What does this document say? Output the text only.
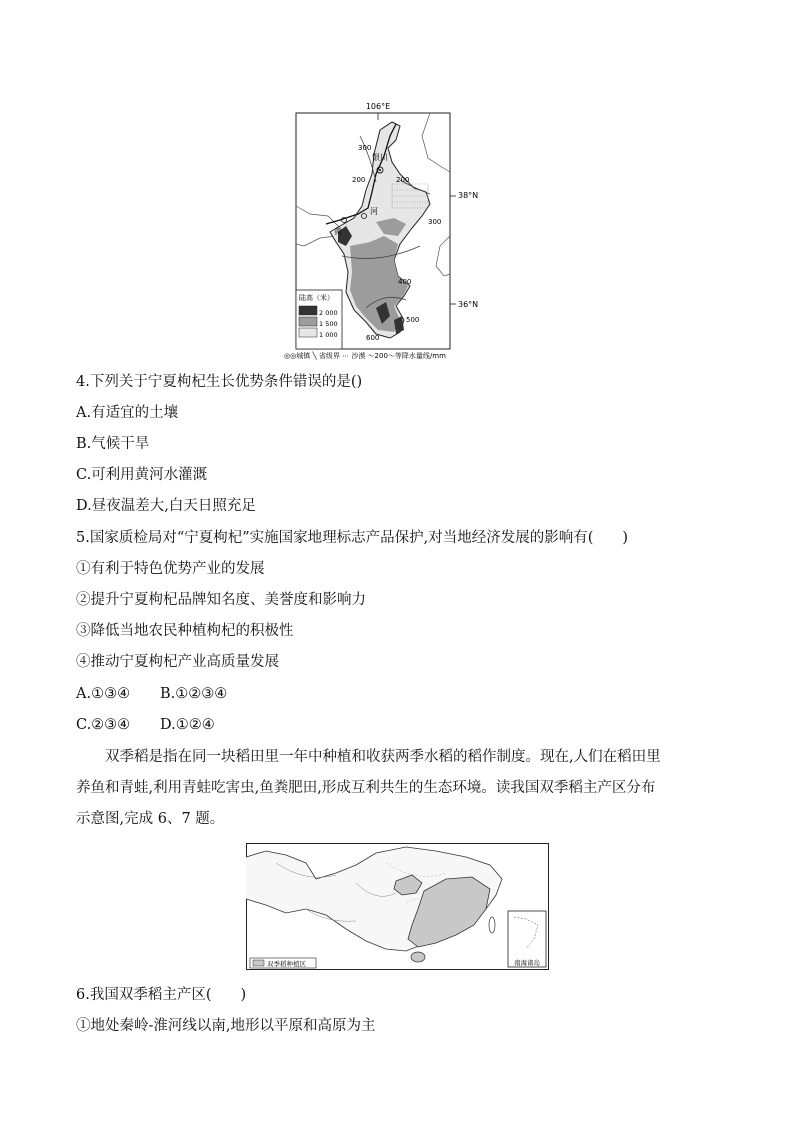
106°E
38°N
36°N
银川
黄
河
300
200	200
300
400
500
600
陆高（米）
2 000
1 500
1 000
◎◎城镇 ╲ 省级界 ⋯ 沙漠 ～200～等降水量线/mm
4.下列关于宁夏枸杞生长优势条件错误的是()
A.有适宜的土壤
B.气候干旱
C.可利用黄河水灌溉
D.昼夜温差大,白天日照充足
5.国家质检局对“宁夏枸杞”实施国家地理标志产品保护,对当地经济发展的影响有(　　)
①有利于特色优势产业的发展
②提升宁夏枸杞品牌知名度、美誉度和影响力
③降低当地农民种植枸杞的积极性
④推动宁夏枸杞产业高质量发展
A.①③④ B.①②③④
C.②③④ D.①②④
双季稻是指在同一块稻田里一年中种植和收获两季水稻的稻作制度。现在,人们在稻田里
养鱼和青蛙,利用青蛙吃害虫,鱼粪肥田,形成互利共生的生态环境。读我国双季稻主产区分布
示意图,完成 6、7 题。
南海诸岛
双季稻种植区
6.我国双季稻主产区(　　)
①地处秦岭-淮河线以南,地形以平原和高原为主
